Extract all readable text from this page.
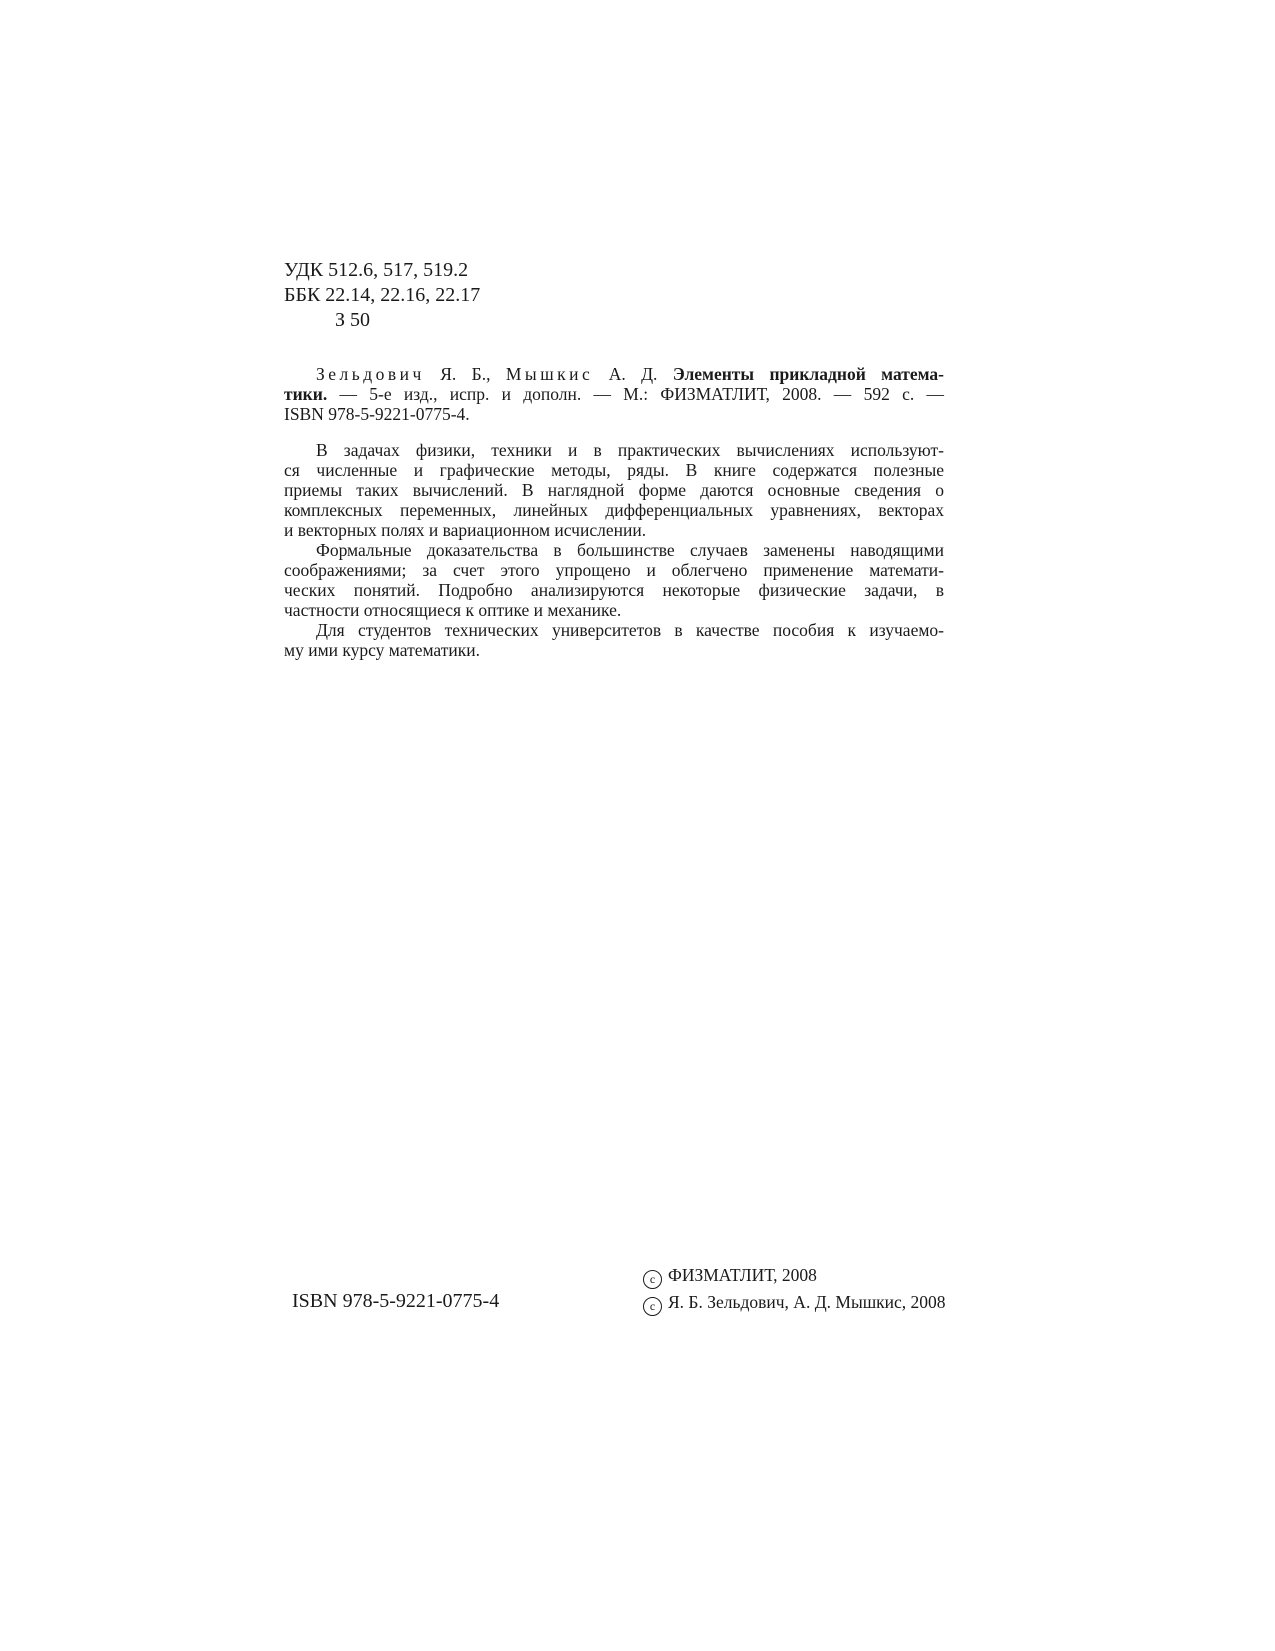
УДК 512.6, 517, 519.2
ББК 22.14, 22.16, 22.17
З 50
Зельдович Я. Б., Мышкис А. Д. Элементы прикладной матема-
тики. — 5-е изд., испр. и дополн. — М.: ФИЗМАТЛИТ, 2008. — 592 с. —
ISBN 978-5-9221-0775-4.
В задачах физики, техники и в практических вычислениях используют-
ся численные и графические методы, ряды. В книге содержатся полезные
приемы таких вычислений. В наглядной форме даются основные сведения о
комплексных переменных, линейных дифференциальных уравнениях, векторах
и векторных полях и вариационном исчислении.
Формальные доказательства в большинстве случаев заменены наводящими
соображениями; за счет этого упрощено и облегчено применение математи-
ческих понятий. Подробно анализируются некоторые физические задачи, в
частности относящиеся к оптике и механике.
Для студентов технических университетов в качестве пособия к изучаемо-
му ими курсу математики.
ISBN 978-5-9221-0775-4
c ФИЗМАТЛИТ, 2008
c Я. Б. Зельдович, А. Д. Мышкис, 2008
